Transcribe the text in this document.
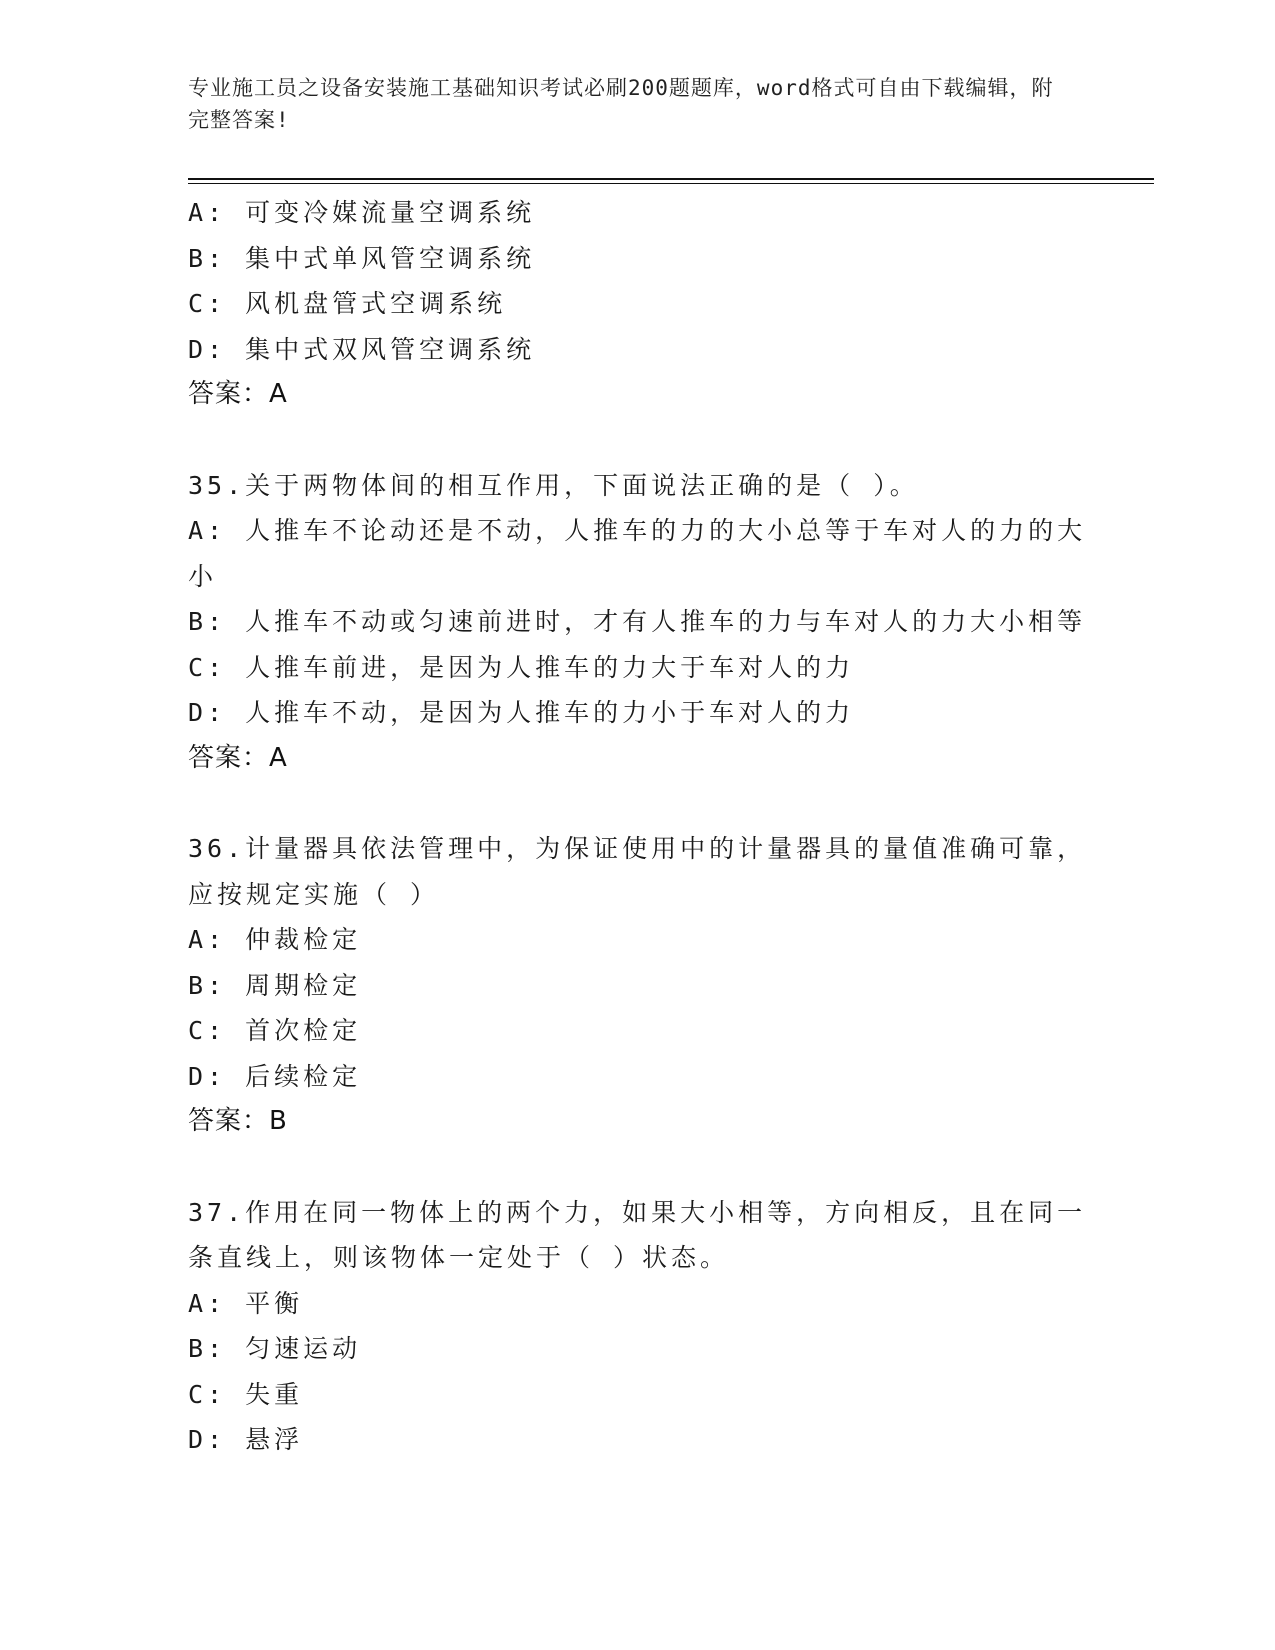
专业施工员之设备安装施工基础知识考试必刷200题题库，word格式可自由下载编辑，附完整答案!
A: 可变冷媒流量空调系统
B: 集中式单风管空调系统
C: 风机盘管式空调系统
D: 集中式双风管空调系统
答案：A
35.关于两物体间的相互作用，下面说法正确的是（ ）。
A: 人推车不论动还是不动，人推车的力的大小总等于车对人的力的大小
B: 人推车不动或匀速前进时，才有人推车的力与车对人的力大小相等
C: 人推车前进，是因为人推车的力大于车对人的力
D: 人推车不动，是因为人推车的力小于车对人的力
答案：A
36.计量器具依法管理中，为保证使用中的计量器具的量值准确可靠，应按规定实施（ ）
A: 仲裁检定
B: 周期检定
C: 首次检定
D: 后续检定
答案：B
37.作用在同一物体上的两个力，如果大小相等，方向相反，且在同一条直线上，则该物体一定处于（ ）状态。
A: 平衡
B: 匀速运动
C: 失重
D: 悬浮
